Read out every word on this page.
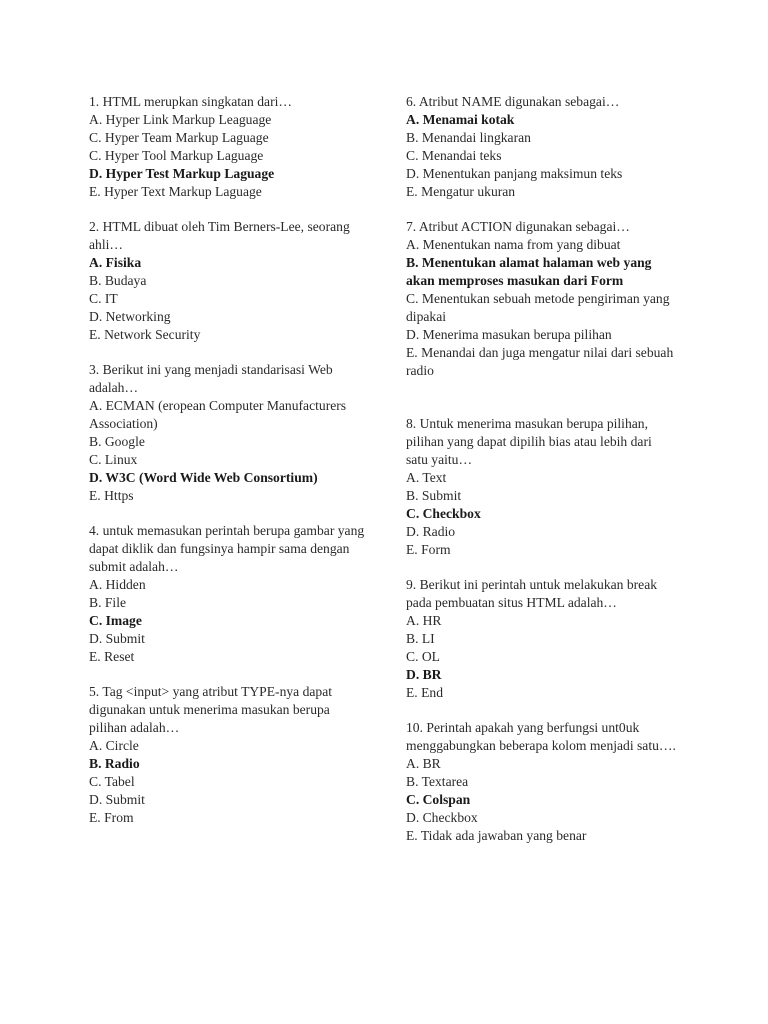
1. HTML merupkan singkatan dari…
A. Hyper Link Markup Leaguage
C. Hyper Team Markup Laguage
C. Hyper Tool Markup Laguage
D. Hyper Test Markup Laguage
E. Hyper Text Markup Laguage
2. HTML dibuat oleh Tim Berners-Lee, seorang ahli…
A. Fisika
B. Budaya
C. IT
D. Networking
E. Network Security
3. Berikut ini yang menjadi standarisasi Web adalah…
A. ECMAN (eropean Computer Manufacturers Association)
B. Google
C. Linux
D. W3C (Word Wide Web Consortium)
E. Https
4. untuk memasukan perintah berupa gambar yang dapat diklik dan fungsinya hampir sama dengan submit adalah…
A. Hidden
B. File
C. Image
D. Submit
E. Reset
5. Tag <input> yang atribut TYPE-nya dapat digunakan untuk menerima masukan berupa pilihan adalah…
A. Circle
B. Radio
C. Tabel
D. Submit
E. From
6. Atribut NAME digunakan sebagai…
A. Menamai kotak
B. Menandai lingkaran
C. Menandai teks
D. Menentukan panjang maksimun teks
E. Mengatur ukuran
7. Atribut ACTION digunakan sebagai…
A. Menentukan nama from yang dibuat
B. Menentukan alamat halaman web yang akan memproses masukan dari Form
C. Menentukan sebuah metode pengiriman yang dipakai
D. Menerima masukan berupa pilihan
E. Menandai dan juga mengatur nilai dari sebuah radio
8. Untuk menerima masukan berupa pilihan, pilihan yang dapat dipilih bias atau lebih dari satu yaitu…
A. Text
B. Submit
C. Checkbox
D. Radio
E. Form
9. Berikut ini perintah untuk melakukan break pada pembuatan situs HTML adalah…
A. HR
B. LI
C. OL
D. BR
E. End
10. Perintah apakah yang berfungsi unt0uk menggabungkan beberapa kolom menjadi satu….
A. BR
B. Textarea
C. Colspan
D. Checkbox
E. Tidak ada jawaban yang benar
